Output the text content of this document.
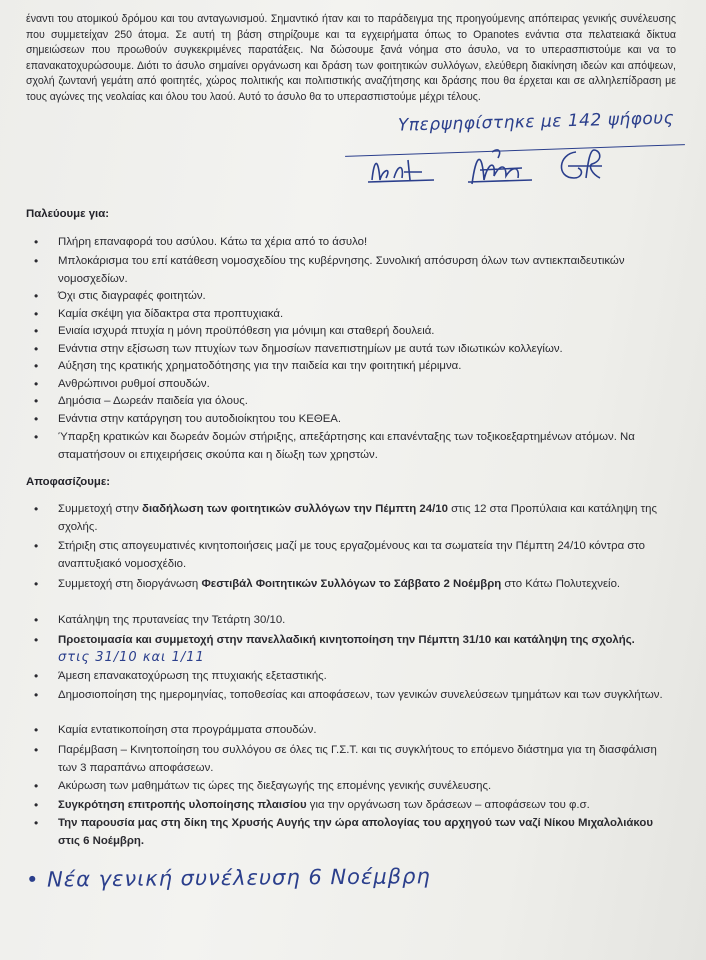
έναντι του ατομικού δρόμου και του ανταγωνισμού. Σημαντικό ήταν και το παράδειγμα της προηγούμενης απόπειρας γενικής συνέλευσης που συμμετείχαν 250 άτομα. Σε αυτή τη βάση στηρίζουμε και τα εγχειρήματα όπως το Opanotes ενάντια στα πελατειακά δίκτυα σημειώσεων που προωθούν συγκεκριμένες παρατάξεις. Να δώσουμε ξανά νόημα στο άσυλο, να το υπερασπιστούμε και να το επανακατοχυρώσουμε. Διότι το άσυλο σημαίνει οργάνωση και δράση των φοιτητικών συλλόγων, ελεύθερη διακίνηση ιδεών και απόψεων, σχολή ζωντανή γεμάτη από φοιτητές, χώρος πολιτικής και πολιτιστικής αναζήτησης και δράσης που θα έρχεται και σε αλληλεπίδραση με τους αγώνες της νεολαίας και όλου του λαού. Αυτό το άσυλο θα το υπερασπιστούμε μέχρι τέλους.

Υπερψηφίστηκε με 142 ψήφους
Παλεύουμε για:
• Πλήρη επαναφορά του ασύλου. Κάτω τα χέρια από το άσυλο!
• Μπλοκάρισμα του επί κατάθεση νομοσχεδίου της κυβέρνησης. Συνολική απόσυρση όλων των αντιεκπαιδευτικών νομοσχεδίων.
• Όχι στις διαγραφές φοιτητών.
• Καμία σκέψη για δίδακτρα στα προπτυχιακά.
• Ενιαία ισχυρά πτυχία η μόνη προϋπόθεση για μόνιμη και σταθερή δουλειά.
• Ενάντια στην εξίσωση των πτυχίων των δημοσίων πανεπιστημίων με αυτά των ιδιωτικών κολλεγίων.
• Αύξηση της κρατικής χρηματοδότησης για την παιδεία και την φοιτητική μέριμνα.
• Ανθρώπινοι ρυθμοί σπουδών.
• Δημόσια – Δωρεάν παιδεία για όλους.
• Ενάντια στην κατάργηση του αυτοδιοίκητου του ΚΕΘΕΑ.
• Ύπαρξη κρατικών και δωρεάν δομών στήριξης, απεξάρτησης και επανένταξης των τοξικοεξαρτημένων ατόμων. Να σταματήσουν οι επιχειρήσεις σκούπα και η δίωξη των χρηστών.
Αποφασίζουμε:
• Συμμετοχή στην διαδήλωση των φοιτητικών συλλόγων την Πέμπτη 24/10 στις 12 στα Προπύλαια και κατάληψη της σχολής.
• Στήριξη στις απογευματινές κινητοποιήσεις μαζί με τους εργαζομένους και τα σωματεία την Πέμπτη 24/10 κόντρα στο αναπτυξιακό νομοσχέδιο.
• Συμμετοχή στη διοργάνωση Φεστιβάλ Φοιτητικών Συλλόγων το Σάββατο 2 Νοέμβρη στο Κάτω Πολυτεχνείο.
• Κατάληψη της πρυτανείας την Τετάρτη 30/10.
• Προετοιμασία και συμμετοχή στην πανελλαδική κινητοποίηση την Πέμπτη 31/10 και κατάληψη της σχολής. στις 31/10 και 1/11
• Άμεση επανακατοχύρωση της πτυχιακής εξεταστικής.
• Δημοσιοποίηση της ημερομηνίας, τοποθεσίας και αποφάσεων, των γενικών συνελεύσεων τμημάτων και των συγκλήτων.
• Καμία εντατικοποίηση στα προγράμματα σπουδών.
• Παρέμβαση – Κινητοποίηση του συλλόγου σε όλες τις Γ.Σ.Τ. και τις συγκλήτους το επόμενο διάστημα για τη διασφάλιση των 3 παραπάνω αποφάσεων.
• Ακύρωση των μαθημάτων τις ώρες της διεξαγωγής της επομένης γενικής συνέλευσης.
• Συγκρότηση επιτροπής υλοποίησης πλαισίου για την οργάνωση των δράσεων – αποφάσεων του φ.σ.
• Την παρουσία μας στη δίκη της Χρυσής Αυγής την ώρα απολογίας του αρχηγού των ναζί Νίκου Μιχαλολιάκου στις 6 Νοέμβρη.
• Νέα γενική συνέλευση 6 Νοέμβρη
